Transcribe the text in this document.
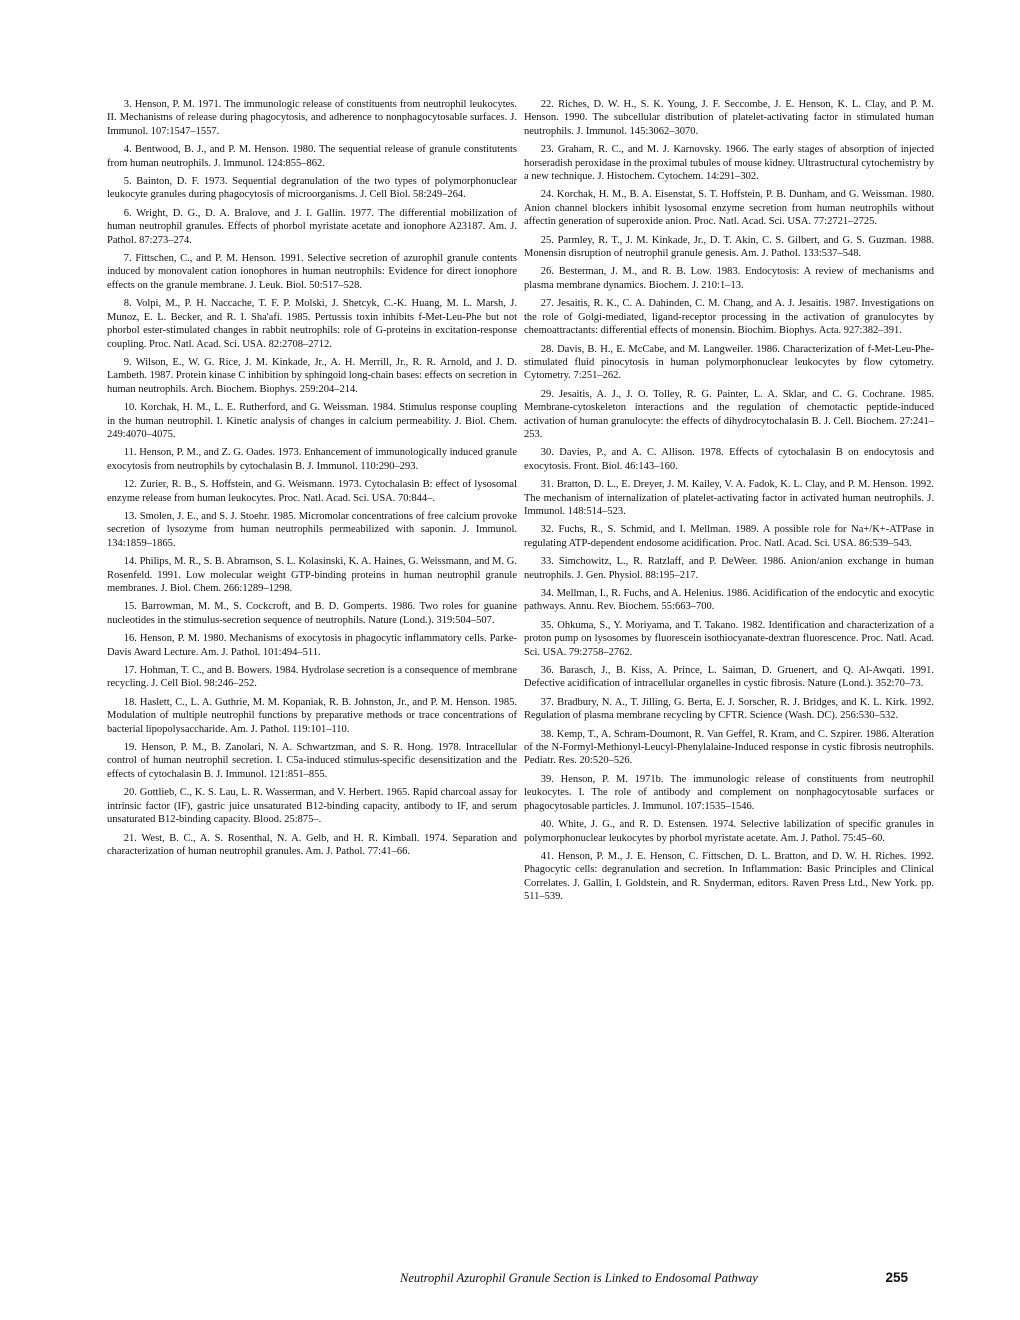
3. Henson, P. M. 1971. The immunologic release of constituents from neutrophil leukocytes. II. Mechanisms of release during phagocytosis, and adherence to nonphagocytosable surfaces. J. Immunol. 107:1547–1557.

4. Bentwood, B. J., and P. M. Henson. 1980. The sequential release of granule constitutents from human neutrophils. J. Immunol. 124:855–862.

5. Bainton, D. F. 1973. Sequential degranulation of the two types of polymorphonuclear leukocyte granules during phagocytosis of microorganisms. J. Cell Biol. 58:249–264.

6. Wright, D. G., D. A. Bralove, and J. I. Gallin. 1977. The differential mobilization of human neutrophil granules. Effects of phorbol myristate acetate and ionophore A23187. Am. J. Pathol. 87:273–274.

7. Fittschen, C., and P. M. Henson. 1991. Selective secretion of azurophil granule contents induced by monovalent cation ionophores in human neutrophils: Evidence for direct ionophore effects on the granule membrane. J. Leuk. Biol. 50:517–528.

8. Volpi, M., P. H. Naccache, T. F. P. Molski, J. Shetcyk, C.-K. Huang, M. L. Marsh, J. Munoz, E. L. Becker, and R. I. Sha'afi. 1985. Pertussis toxin inhibits f-Met-Leu-Phe but not phorbol ester-stimulated changes in rabbit neutrophils: role of G-proteins in excitation-response coupling. Proc. Natl. Acad. Sci. USA. 82:2708–2712.

9. Wilson, E., W. G. Rice, J. M. Kinkade, Jr., A. H. Merrill, Jr., R. R. Arnold, and J. D. Lambeth. 1987. Protein kinase C inhibition by sphingoid long-chain bases: effects on secretion in human neutrophils. Arch. Biochem. Biophys. 259:204–214.

10. Korchak, H. M., L. E. Rutherford, and G. Weissman. 1984. Stimulus response coupling in the human neutrophil. I. Kinetic analysis of changes in calcium permeability. J. Biol. Chem. 249:4070–4075.

11. Henson, P. M., and Z. G. Oades. 1973. Enhancement of immunologically induced granule exocytosis from neutrophils by cytochalasin B. J. Immunol. 110:290–293.

12. Zurier, R. B., S. Hoffstein, and G. Weismann. 1973. Cytochalasin B: effect of lysosomal enzyme release from human leukocytes. Proc. Natl. Acad. Sci. USA. 70:844–.

13. Smolen, J. E., and S. J. Stoehr. 1985. Micromolar concentrations of free calcium provoke secretion of lysozyme from human neutrophils permeabilized with saponin. J. Immunol. 134:1859–1865.

14. Philips, M. R., S. B. Abramson, S. L. Kolasinski, K. A. Haines, G. Weissmann, and M. G. Rosenfeld. 1991. Low molecular weight GTP-binding proteins in human neutrophil granule membranes. J. Biol. Chem. 266:1289–1298.

15. Barrowman, M. M., S. Cockcroft, and B. D. Gomperts. 1986. Two roles for guanine nucleotides in the stimulus-secretion sequence of neutrophils. Nature (Lond.). 319:504–507.

16. Henson, P. M. 1980. Mechanisms of exocytosis in phagocytic inflammatory cells. Parke-Davis Award Lecture. Am. J. Pathol. 101:494–511.

17. Hohman, T. C., and B. Bowers. 1984. Hydrolase secretion is a consequence of membrane recycling. J. Cell Biol. 98:246–252.

18. Haslett, C., L. A. Guthrie, M. M. Kopaniak, R. B. Johnston, Jr., and P. M. Henson. 1985. Modulation of multiple neutrophil functions by preparative methods or trace concentrations of bacterial lipopolysaccharide. Am. J. Pathol. 119:101–110.

19. Henson, P. M., B. Zanolari, N. A. Schwartzman, and S. R. Hong. 1978. Intracellular control of human neutrophil secretion. I. C5a-induced stimulus-specific desensitization and the effects of cytochalasin B. J. Immunol. 121:851–855.

20. Gottlieb, C., K. S. Lau, L. R. Wasserman, and V. Herbert. 1965. Rapid charcoal assay for intrinsic factor (IF), gastric juice unsaturated B12-binding capacity, antibody to IF, and serum unsaturated B12-binding capacity. Blood. 25:875–.

21. West, B. C., A. S. Rosenthal, N. A. Gelb, and H. R. Kimball. 1974. Separation and characterization of human neutrophil granules. Am. J. Pathol. 77:41–66.

22. Riches, D. W. H., S. K. Young, J. F. Seccombe, J. E. Henson, K. L. Clay, and P. M. Henson. 1990. The subcellular distribution of platelet-activating factor in stimulated human neutrophils. J. Immunol. 145:3062–3070.

23. Graham, R. C., and M. J. Karnovsky. 1966. The early stages of absorption of injected horseradish peroxidase in the proximal tubules of mouse kidney. Ultrastructural cytochemistry by a new technique. J. Histochem. Cytochem. 14:291–302.

24. Korchak, H. M., B. A. Eisenstat, S. T. Hoffstein, P. B. Dunham, and G. Weissman. 1980. Anion channel blockers inhibit lysosomal enzyme secretion from human neutrophils without affectin generation of superoxide anion. Proc. Natl. Acad. Sci. USA. 77:2721–2725.

25. Parmley, R. T., J. M. Kinkade, Jr., D. T. Akin, C. S. Gilbert, and G. S. Guzman. 1988. Monensin disruption of neutrophil granule genesis. Am. J. Pathol. 133:537–548.

26. Besterman, J. M., and R. B. Low. 1983. Endocytosis: A review of mechanisms and plasma membrane dynamics. Biochem. J. 210:1–13.

27. Jesaitis, R. K., C. A. Dahinden, C. M. Chang, and A. J. Jesaitis. 1987. Investigations on the role of Golgi-mediated, ligand-receptor processing in the activation of granulocytes by chemoattractants: differential effects of monensin. Biochim. Biophys. Acta. 927:382–391.

28. Davis, B. H., E. McCabe, and M. Langweiler. 1986. Characterization of f-Met-Leu-Phe-stimulated fluid pinocytosis in human polymorphonuclear leukocytes by flow cytometry. Cytometry. 7:251–262.

29. Jesaitis, A. J., J. O. Tolley, R. G. Painter, L. A. Sklar, and C. G. Cochrane. 1985. Membrane-cytoskeleton interactions and the regulation of chemotactic peptide-induced activation of human granulocyte: the effects of dihydrocytochalasin B. J. Cell. Biochem. 27:241–253.

30. Davies, P., and A. C. Allison. 1978. Effects of cytochalasin B on endocytosis and exocytosis. Front. Biol. 46:143–160.

31. Bratton, D. L., E. Dreyer, J. M. Kailey, V. A. Fadok, K. L. Clay, and P. M. Henson. 1992. The mechanism of internalization of platelet-activating factor in activated human neutrophils. J. Immunol. 148:514–523.

32. Fuchs, R., S. Schmid, and I. Mellman. 1989. A possible role for Na+/K+-ATPase in regulating ATP-dependent endosome acidification. Proc. Natl. Acad. Sci. USA. 86:539–543.

33. Simchowitz, L., R. Ratzlaff, and P. DeWeer. 1986. Anion/anion exchange in human neutrophils. J. Gen. Physiol. 88:195–217.

34. Mellman, I., R. Fuchs, and A. Helenius. 1986. Acidification of the endocytic and exocytic pathways. Annu. Rev. Biochem. 55:663–700.

35. Ohkuma, S., Y. Moriyama, and T. Takano. 1982. Identification and characterization of a proton pump on lysosomes by fluorescein isothiocyanate-dextran fluorescence. Proc. Natl. Acad. Sci. USA. 79:2758–2762.

36. Barasch, J., B. Kiss, A. Prince, L. Saiman, D. Gruenert, and Q. Al-Awqati. 1991. Defective acidification of intracellular organelles in cystic fibrosis. Nature (Lond.). 352:70–73.

37. Bradbury, N. A., T. Jilling, G. Berta, E. J. Sorscher, R. J. Bridges, and K. L. Kirk. 1992. Regulation of plasma membrane recycling by CFTR. Science (Wash. DC). 256:530–532.

38. Kemp, T., A. Schram-Doumont, R. Van Geffel, R. Kram, and C. Szpirer. 1986. Alteration of the N-Formyl-Methionyl-Leucyl-Phenylalaine-Induced response in cystic fibrosis neutrophils. Pediatr. Res. 20:520–526.

39. Henson, P. M. 1971b. The immunologic release of constituents from neutrophil leukocytes. I. The role of antibody and complement on nonphagocytosable surfaces or phagocytosable particles. J. Immunol. 107:1535–1546.

40. White, J. G., and R. D. Estensen. 1974. Selective labilization of specific granules in polymorphonuclear leukocytes by phorbol myristate acetate. Am. J. Pathol. 75:45–60.

41. Henson, P. M., J. E. Henson, C. Fittschen, D. L. Bratton, and D. W. H. Riches. 1992. Phagocytic cells: degranulation and secretion. In Inflammation: Basic Principles and Clinical Correlates. J. Gallin, I. Goldstein, and R. Snyderman, editors. Raven Press Ltd., New York. pp. 511–539.

Neutrophil Azurophil Granule Section is Linked to Endosomal Pathway	255
